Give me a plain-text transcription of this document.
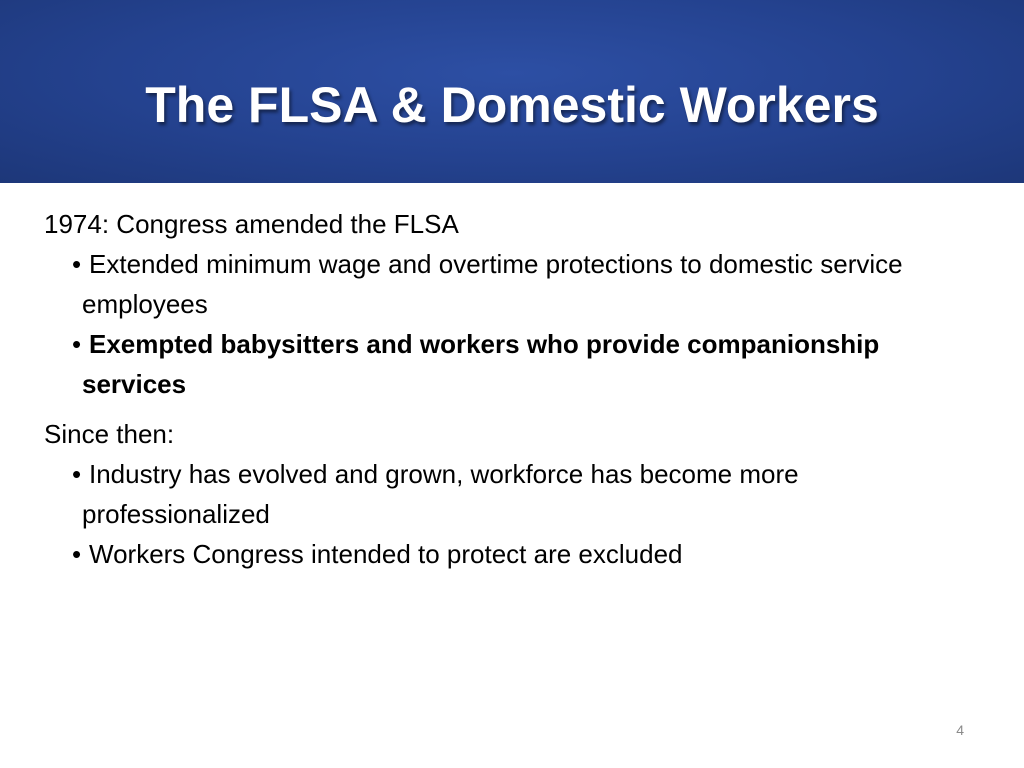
The FLSA & Domestic Workers

1974: Congress amended the FLSA

• Extended minimum wage and overtime protections to domestic service employees
• Exempted babysitters and workers who provide companionship services

Since then:

• Industry has evolved and grown, workforce has become more professionalized
• Workers Congress intended to protect are excluded
4
